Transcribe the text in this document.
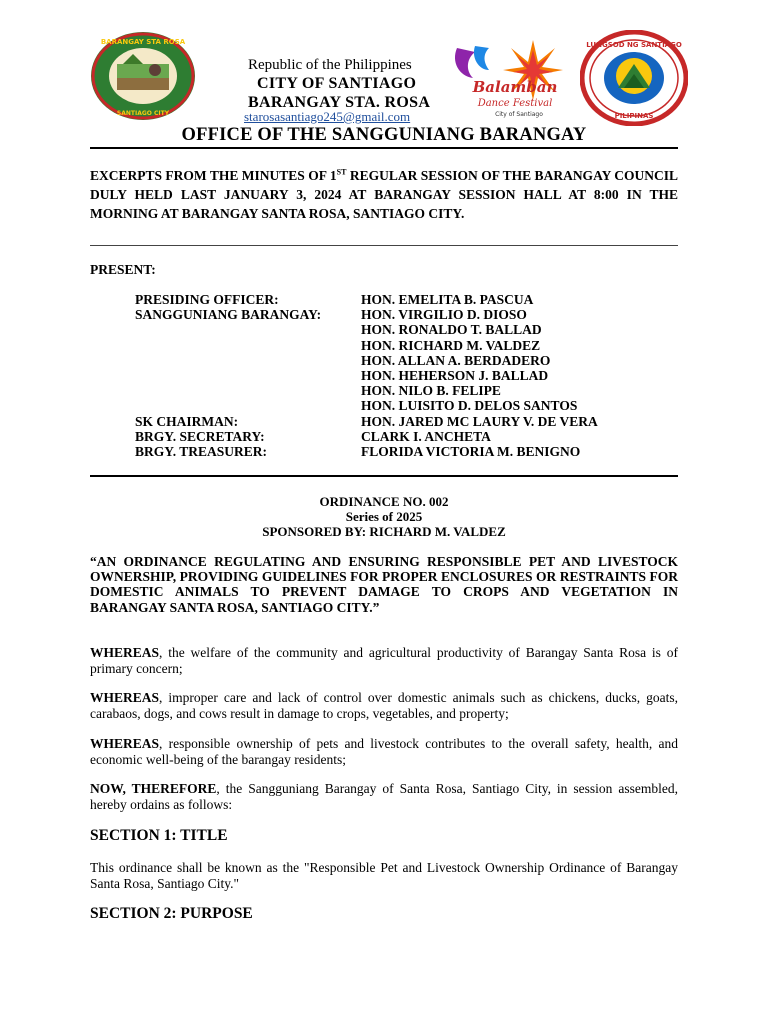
BARANGAY STA ROSA
SANTIAGO CITY
Republic of the Philippines
CITY OF SANTIAGO
BARANGAY STA. ROSA
starosasantiago245@gmail.com
Balamban
Dance Festival
City of Santiago
LUNGSOD NG SANTIAGO
PILIPINAS
OFFICE OF THE SANGGUNIANG BARANGAY
EXCERPTS FROM THE MINUTES OF 1ST REGULAR SESSION OF THE BARANGAY COUNCIL DULY HELD LAST JANUARY 3, 2024 AT BARANGAY SESSION HALL AT 8:00 IN THE MORNING AT BARANGAY SANTA ROSA, SANTIAGO CITY.
PRESENT:
PRESIDING OFFICER:	HON. EMELITA B. PASCUA
SANGGUNIANG BARANGAY:	HON. VIRGILIO D. DIOSO
HON. RONALDO T. BALLAD
HON. RICHARD M. VALDEZ
HON. ALLAN A. BERDADERO
HON. HEHERSON J. BALLAD
HON. NILO B. FELIPE
HON. LUISITO D. DELOS SANTOS
SK CHAIRMAN:	HON. JARED MC LAURY V. DE VERA
BRGY. SECRETARY:	CLARK I. ANCHETA
BRGY. TREASURER:	FLORIDA VICTORIA M. BENIGNO
ORDINANCE NO. 002
Series of 2025
SPONSORED BY: RICHARD M. VALDEZ
“AN ORDINANCE REGULATING AND ENSURING RESPONSIBLE PET AND LIVESTOCK OWNERSHIP, PROVIDING GUIDELINES FOR PROPER ENCLOSURES OR RESTRAINTS FOR DOMESTIC ANIMALS TO PREVENT DAMAGE TO CROPS AND VEGETATION IN BARANGAY SANTA ROSA, SANTIAGO CITY.”
WHEREAS, the welfare of the community and agricultural productivity of Barangay Santa Rosa is of primary concern;
WHEREAS, improper care and lack of control over domestic animals such as chickens, ducks, goats, carabaos, dogs, and cows result in damage to crops, vegetables, and property;
WHEREAS, responsible ownership of pets and livestock contributes to the overall safety, health, and economic well-being of the barangay residents;
NOW, THEREFORE, the Sangguniang Barangay of Santa Rosa, Santiago City, in session assembled, hereby ordains as follows:
SECTION 1: TITLE
This ordinance shall be known as the "Responsible Pet and Livestock Ownership Ordinance of Barangay Santa Rosa, Santiago City."
SECTION 2: PURPOSE
